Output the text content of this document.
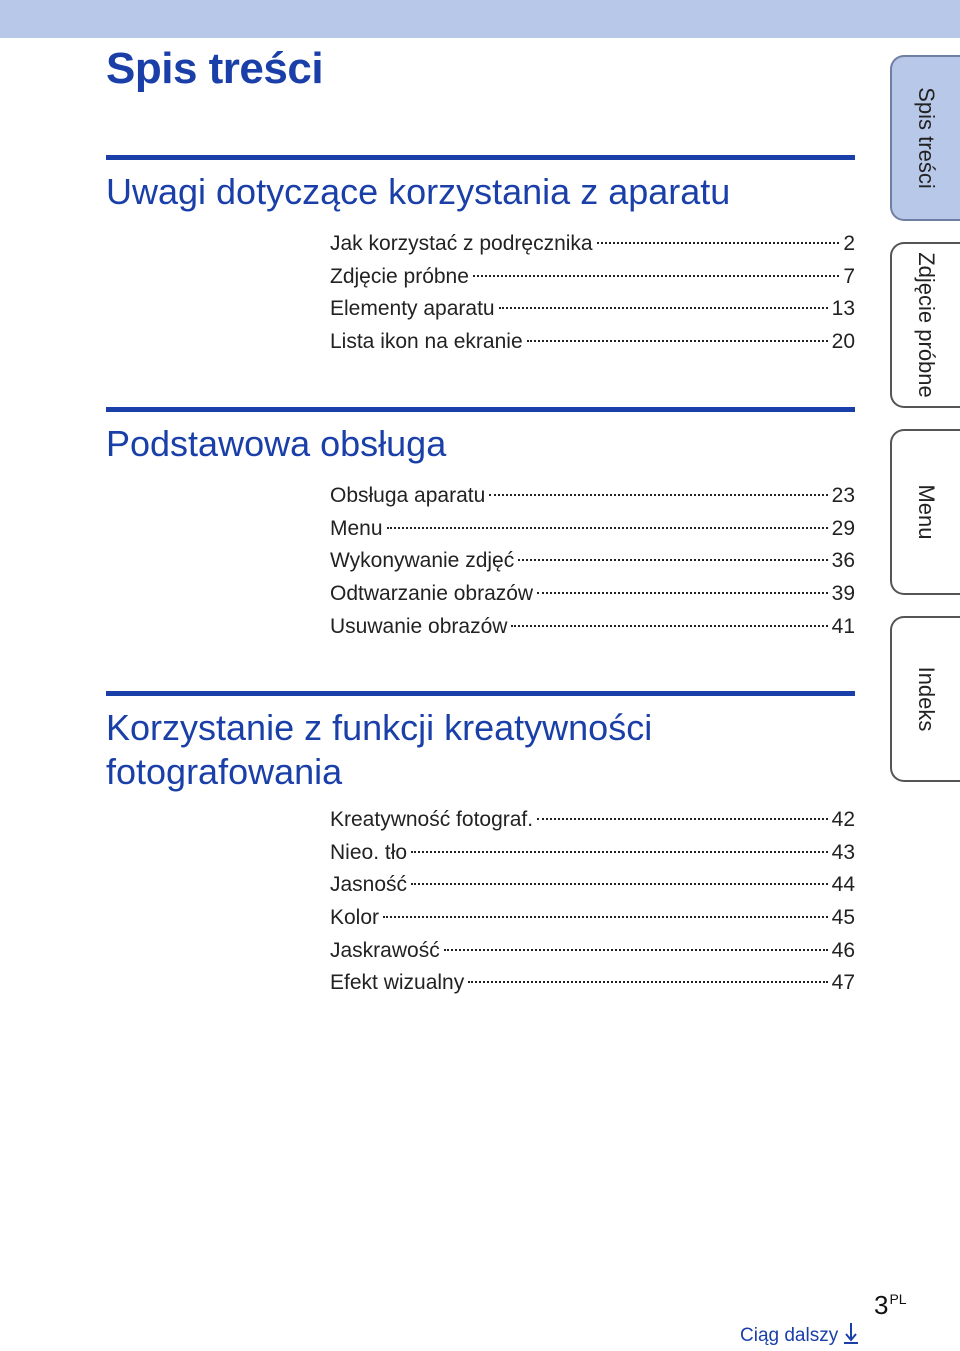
Spis treści
Uwagi dotyczące korzystania z aparatu
Jak korzystać z podręcznika	2
Zdjęcie próbne	7
Elementy aparatu	13
Lista ikon na ekranie	20
Podstawowa obsługa
Obsługa aparatu	23
Menu	29
Wykonywanie zdjęć	36
Odtwarzanie obrazów	39
Usuwanie obrazów	41
Korzystanie z funkcji kreatywności fotografowania
Kreatywność fotograf.	42
Nieo. tło	43
Jasność	44
Kolor	45
Jaskrawość	46
Efekt wizualny	47
Spis treści
Zdjęcie próbne
Menu
Indeks
$3^{PL}$
Ciąg dalszy
